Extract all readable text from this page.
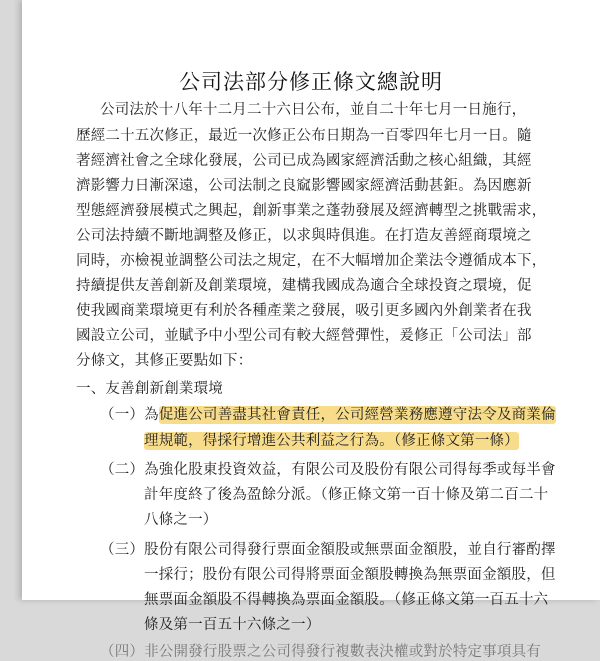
公司法部分修正條文總說明
公司法於十八年十二月二十六日公布，並自二十年七月一日施行，
歷經二十五次修正，最近一次修正公布日期為一百零四年七月一日。隨
著經濟社會之全球化發展，公司已成為國家經濟活動之核心組織，其經
濟影響力日漸深遠，公司法制之良窳影響國家經濟活動甚鉅。為因應新
型態經濟發展模式之興起，創新事業之蓬勃發展及經濟轉型之挑戰需求，
公司法持續不斷地調整及修正，以求與時俱進。在打造友善經商環境之
同時，亦檢視並調整公司法之規定，在不大幅增加企業法令遵循成本下，
持續提供友善創新及創業環境，建構我國成為適合全球投資之環境，促
使我國商業環境更有利於各種產業之發展，吸引更多國內外創業者在我
國設立公司，並賦予中小型公司有較大經營彈性，爰修正「公司法」部
分條文，其修正要點如下：
一、友善創新創業環境
（一）為促進公司善盡其社會責任，公司經營業務應遵守法令及商業倫
理規範，得採行增進公共利益之行為。（修正條文第一條）
（二）為強化股東投資效益，有限公司及股份有限公司得每季或每半會
計年度終了後為盈餘分派。（修正條文第一百十條及第二百二十
八條之一）
（三）股份有限公司得發行票面金額股或無票面金額股，並自行審酌擇
一採行；股份有限公司得將票面金額股轉換為無票面金額股，但
無票面金額股不得轉換為票面金額股。（修正條文第一百五十六
條及第一百五十六條之一）
（四）非公開發行股票之公司得發行複數表決權或對於特定事項具有
